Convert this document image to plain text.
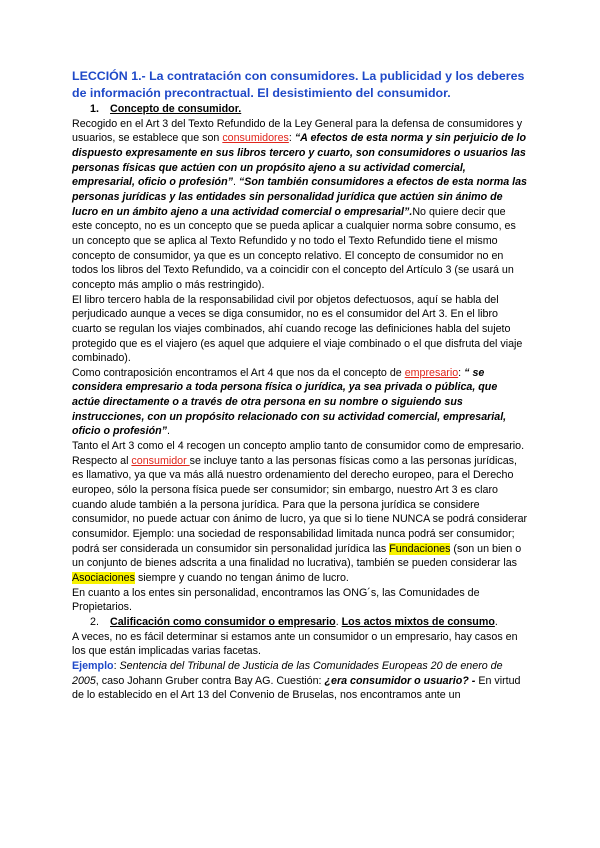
LECCIÓN 1.- La contratación con consumidores. La publicidad y los deberes de información precontractual. El desistimiento del consumidor.
1. Concepto de consumidor.

Recogido en el Art 3 del Texto Refundido de la Ley General para la defensa de consumidores y usuarios, se establece que son consumidores: “A efectos de esta norma y sin perjuicio de lo dispuesto expresamente en sus libros tercero y cuarto, son consumidores o usuarios las personas físicas que actúen con un propósito ajeno a su actividad comercial, empresarial, oficio o profesión”. “Son también consumidores a efectos de esta norma las personas jurídicas y las entidades sin personalidad jurídica que actúen sin ánimo de lucro en un ámbito ajeno a una actividad comercial o empresarial”.No quiere decir que este concepto, no es un concepto que se pueda aplicar a cualquier norma sobre consumo, es un concepto que se aplica al Texto Refundido y no todo el Texto Refundido tiene el mismo concepto de consumidor, ya que es un concepto relativo. El concepto de consumidor no en todos los libros del Texto Refundido, va a coincidir con el concepto del Artículo 3 (se usará un concepto más amplio o más restringido).

El libro tercero habla de la responsabilidad civil por objetos defectuosos, aquí se habla del perjudicado aunque a veces se diga consumidor, no es el consumidor del Art 3. En el libro cuarto se regulan los viajes combinados, ahí cuando recoge las definiciones habla del sujeto protegido que es el viajero (es aquel que adquiere el viaje combinado o el que disfruta del viaje combinado).

Como contraposición encontramos el Art 4 que nos da el concepto de empresario: “ se considera empresario a toda persona física o jurídica, ya sea privada o pública, que actúe directamente o a través de otra persona en su nombre o siguiendo sus instrucciones, con un propósito relacionado con su actividad comercial, empresarial, oficio o profesión”.

Tanto el Art 3 como el 4 recogen un concepto amplio tanto de consumidor como de empresario. Respecto al consumidor se incluye tanto a las personas físicas como a las personas jurídicas, es llamativo, ya que va más allá nuestro ordenamiento del derecho europeo, para el Derecho europeo, sólo la persona física puede ser consumidor; sin embargo, nuestro Art 3 es claro cuando alude también a la persona jurídica. Para que la persona jurídica se considere consumidor, no puede actuar con ánimo de lucro, ya que si lo tiene NUNCA se podrá considerar consumidor. Ejemplo: una sociedad de responsabilidad limitada nunca podrá ser consumidor; podrá ser considerada un consumidor sin personalidad jurídica las Fundaciones (son un bien o un conjunto de bienes adscrita a una finalidad no lucrativa), también se pueden considerar las Asociaciones siempre y cuando no tengan ánimo de lucro.

En cuanto a los entes sin personalidad, encontramos las ONG´s, las Comunidades de Propietarios.

2. Calificación como consumidor o empresario. Los actos mixtos de consumo.

A veces, no es fácil determinar si estamos ante un consumidor o un empresario, hay casos en los que están implicadas varias facetas.

Ejemplo: Sentencia del Tribunal de Justicia de las Comunidades Europeas 20 de enero de 2005, caso Johann Gruber contra Bay AG. Cuestión: ¿era consumidor o usuario? - En virtud de lo establecido en el Art 13 del Convenio de Bruselas, nos encontramos ante un
